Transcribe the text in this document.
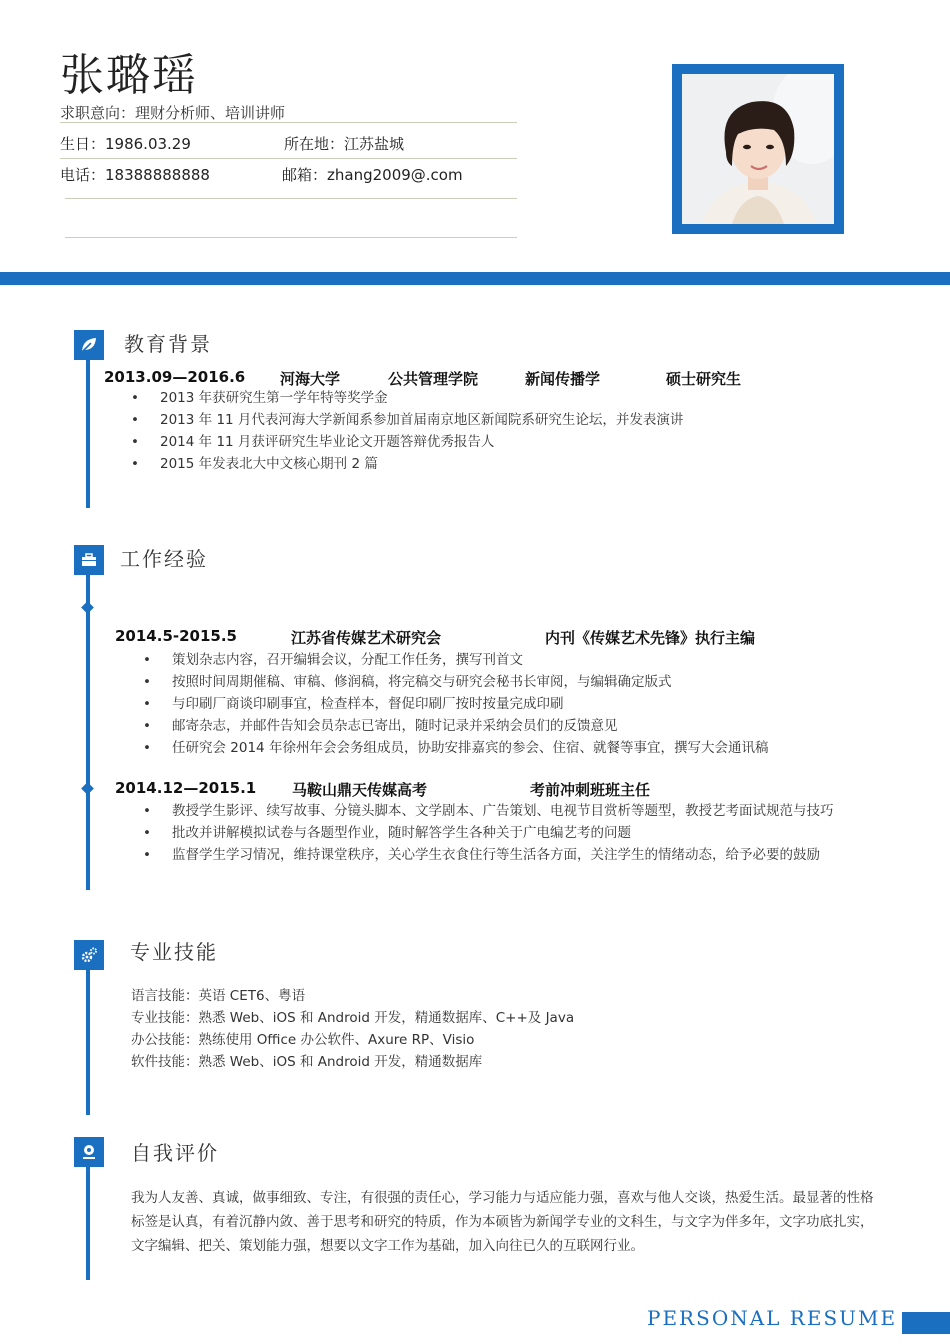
张璐瑶
求职意向：理财分析师、培训讲师
生日：1986.03.29	所在地：江苏盐城
电话：18388888888	邮箱：zhang2009@.com
教育背景
2013.09—2016.6 河海大学	公共管理学院	新闻传播学	硕士研究生
• 2013 年获研究生第一学年特等奖学金
• 2013 年 11 月代表河海大学新闻系参加首届南京地区新闻院系研究生论坛，并发表演讲
• 2014 年 11 月获评研究生毕业论文开题答辩优秀报告人
• 2015 年发表北大中文核心期刊 2 篇
工作经验
2014.5-2015.5	江苏省传媒艺术研究会	内刊《传媒艺术先锋》执行主编
• 策划杂志内容，召开编辑会议，分配工作任务，撰写刊首文
• 按照时间周期催稿、审稿、修润稿，将完稿交与研究会秘书长审阅，与编辑确定版式
• 与印刷厂商谈印刷事宜，检查样本，督促印刷厂按时按量完成印刷
• 邮寄杂志，并邮件告知会员杂志已寄出，随时记录并采纳会员们的反馈意见
• 任研究会 2014 年徐州年会会务组成员，协助安排嘉宾的参会、住宿、就餐等事宜，撰写大会通讯稿
2014.12—2015.1 马鞍山鼎天传媒高考	考前冲刺班班主任
• 教授学生影评、续写故事、分镜头脚本、文学剧本、广告策划、电视节目赏析等题型，教授艺考面试规范与技巧
• 批改并讲解模拟试卷与各题型作业，随时解答学生各种关于广电编艺考的问题
• 监督学生学习情况，维持课堂秩序，关心学生衣食住行等生活各方面，关注学生的情绪动态，给予必要的鼓励
专业技能
语言技能：英语 CET6、粤语
专业技能：熟悉 Web、iOS 和 Android 开发，精通数据库、C++及 Java
办公技能：熟练使用 Office 办公软件、Axure RP、Visio
软件技能：熟悉 Web、iOS 和 Android 开发，精通数据库
自我评价
我为人友善、真诚，做事细致、专注，有很强的责任心，学习能力与适应能力强，喜欢与他人交谈，热爱生活。最显著的性格标签是认真，有着沉静内敛、善于思考和研究的特质，作为本硕皆为新闻学专业的文科生，与文字为伴多年，文字功底扎实，文字编辑、把关、策划能力强，想要以文字工作为基础，加入向往已久的互联网行业。
PERSONAL RESUME
